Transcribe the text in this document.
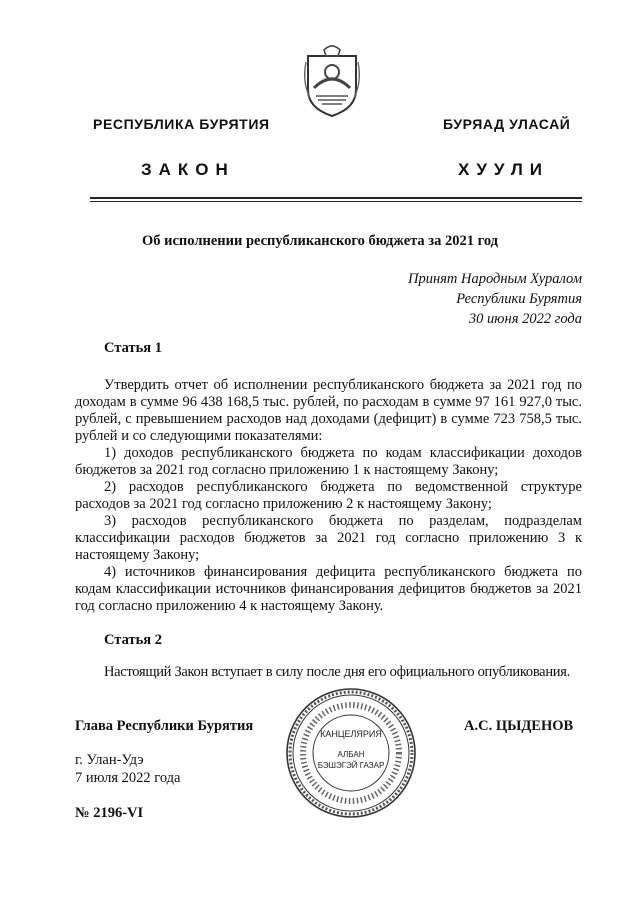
РЕСПУБЛИКА БУРЯТИЯ	БУРЯАД УЛАСАЙ
ЗАКОН	ХУУЛИ
Об исполнении республиканского бюджета за 2021 год
Принят Народным Хуралом
Республики Бурятия
30 июня 2022 года
Статья 1
Утвердить отчет об исполнении республиканского бюджета за 2021 год по доходам в сумме 96 438 168,5 тыс. рублей, по расходам в сумме 97 161 927,0 тыс. рублей, с превышением расходов над доходами (дефицит) в сумме 723 758,5 тыс. рублей и со следующими показателями:
1) доходов республиканского бюджета по кодам классификации доходов бюджетов за 2021 год согласно приложению 1 к настоящему Закону;
2) расходов республиканского бюджета по ведомственной структуре расходов за 2021 год согласно приложению 2 к настоящему Закону;
3) расходов республиканского бюджета по разделам, подразделам классификации расходов бюджетов за 2021 год согласно приложению 3 к настоящему Закону;
4) источников финансирования дефицита республиканского бюджета по кодам классификации источников финансирования дефицитов бюджетов за 2021 год согласно приложению 4 к настоящему Закону.
Статья 2
Настоящий Закон вступает в силу после дня его официального опубликования.
КАНЦЕЛЯРИЯ
АЛБАН
БЭШЭГЭЙ ГАЗАР
Глава Республики Бурятия	А.С. ЦЫДЕНОВ
г. Улан-Удэ
7 июля 2022 года
№ 2196-VI
